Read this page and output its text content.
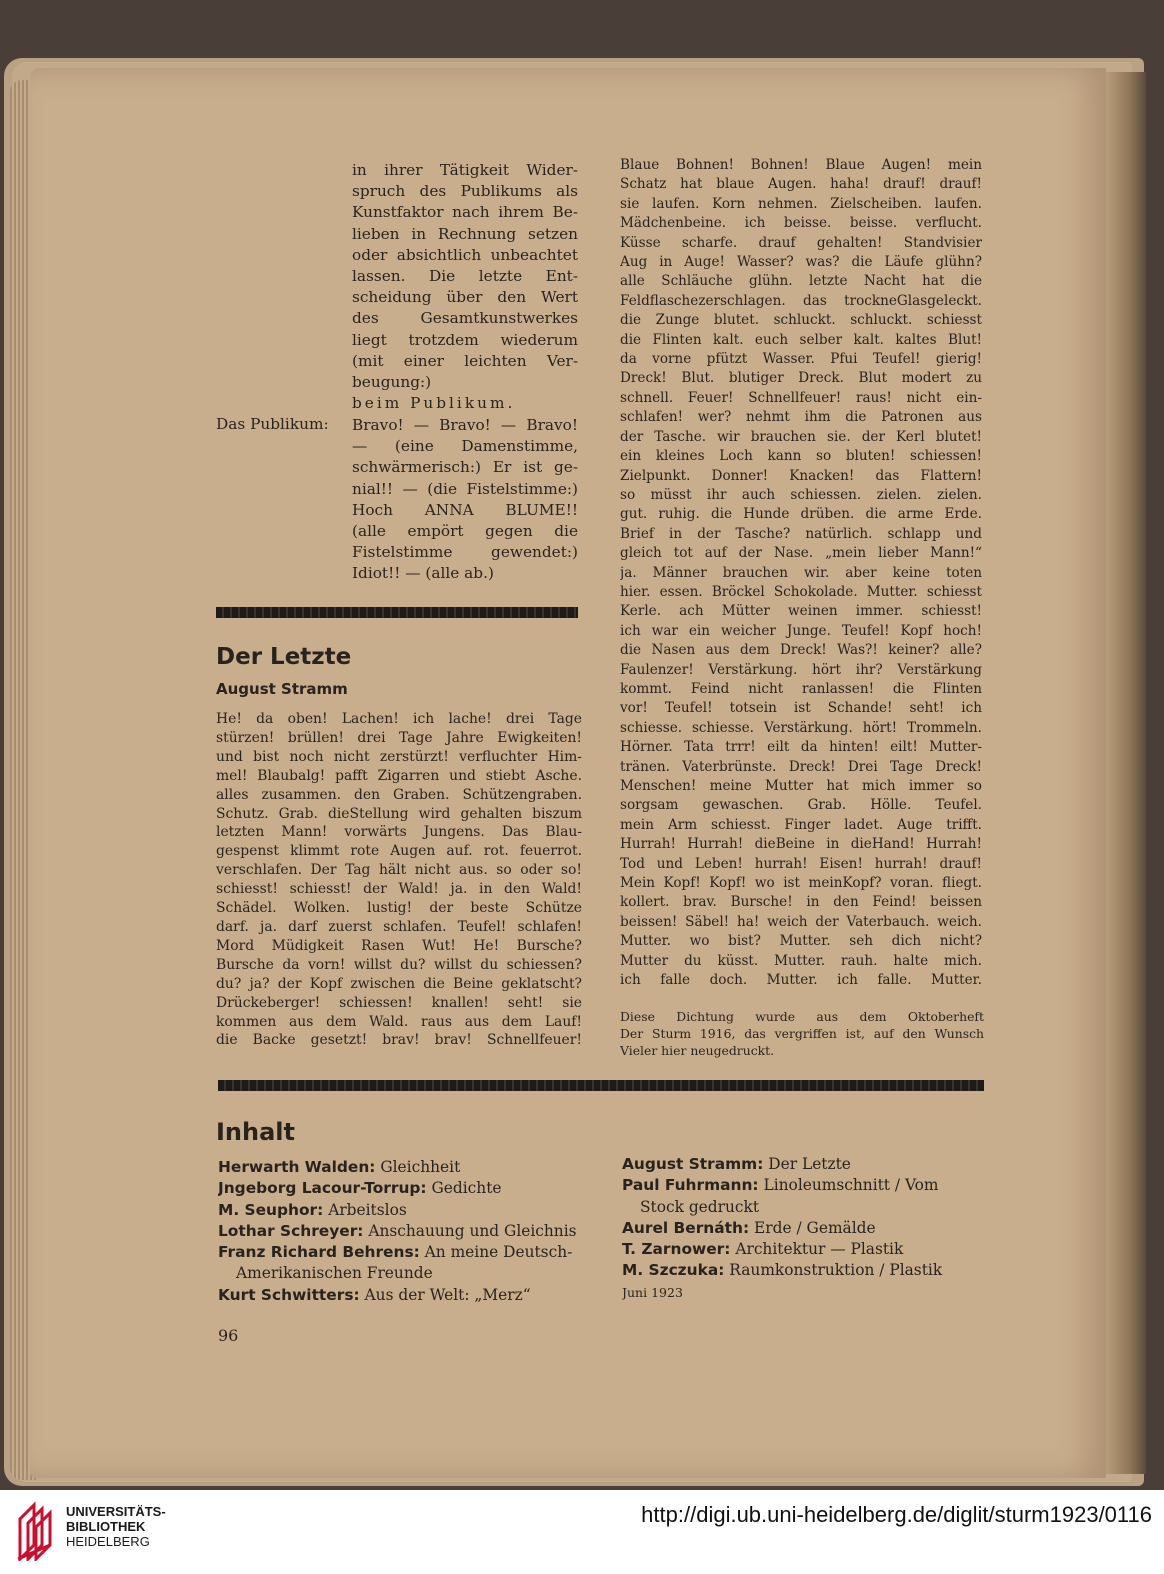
in ihrer Tätigkeit Wider-
spruch des Publikums als
Kunstfaktor nach ihrem Be-
lieben in Rechnung setzen
oder absichtlich unbeachtet
lassen. Die letzte Ent-
scheidung über den Wert
des Gesamtkunstwerkes
liegt trotzdem wiederum
(mit einer leichten Ver-
beugung:)
beim Publikum.
Das Publikum: Bravo! — Bravo! — Bravo!
— (eine Damenstimme,
schwärmerisch:) Er ist ge-
nial!! — (die Fistelstimme:)
Hoch ANNA BLUME!!
(alle empört gegen die
Fistelstimme gewendet:)
Idiot!! — (alle ab.)
Der Letzte
August Stramm
He! da oben! Lachen! ich lache! drei Tage
stürzen! brüllen! drei Tage Jahre Ewigkeiten!
und bist noch nicht zerstürzt! verfluchter Him-
mel! Blaubalg! pafft Zigarren und stiebt Asche.
alles zusammen. den Graben. Schützengraben.
Schutz. Grab. dieStellung wird gehalten biszum
letzten Mann! vorwärts Jungens. Das Blau-
gespenst klimmt rote Augen auf. rot. feuerrot.
verschlafen. Der Tag hält nicht aus. so oder so!
schiesst! schiesst! der Wald! ja. in den Wald!
Schädel. Wolken. lustig! der beste Schütze
darf. ja. darf zuerst schlafen. Teufel! schlafen!
Mord Müdigkeit Rasen Wut! He! Bursche?
Bursche da vorn! willst du? willst du schiessen?
du? ja? der Kopf zwischen die Beine geklatscht?
Drückeberger! schiessen! knallen! seht! sie
kommen aus dem Wald. raus aus dem Lauf!
die Backe gesetzt! brav! brav! Schnellfeuer!
Blaue Bohnen! Bohnen! Blaue Augen! mein
Schatz hat blaue Augen. haha! drauf! drauf!
sie laufen. Korn nehmen. Zielscheiben. laufen.
Mädchenbeine. ich beisse. beisse. verflucht.
Küsse scharfe. drauf gehalten! Standvisier
Aug in Auge! Wasser? was? die Läufe glühn?
alle Schläuche glühn. letzte Nacht hat die
Feldflaschezerschlagen. das trockneGlasgeleckt.
die Zunge blutet. schluckt. schluckt. schiesst
die Flinten kalt. euch selber kalt. kaltes Blut!
da vorne pfützt Wasser. Pfui Teufel! gierig!
Dreck! Blut. blutiger Dreck. Blut modert zu
schnell. Feuer! Schnellfeuer! raus! nicht ein-
schlafen! wer? nehmt ihm die Patronen aus
der Tasche. wir brauchen sie. der Kerl blutet!
ein kleines Loch kann so bluten! schiessen!
Zielpunkt. Donner! Knacken! das Flattern!
so müsst ihr auch schiessen. zielen. zielen.
gut. ruhig. die Hunde drüben. die arme Erde.
Brief in der Tasche? natürlich. schlapp und
gleich tot auf der Nase. „mein lieber Mann!“
ja. Männer brauchen wir. aber keine toten
hier. essen. Bröckel Schokolade. Mutter. schiesst
Kerle. ach Mütter weinen immer. schiesst!
ich war ein weicher Junge. Teufel! Kopf hoch!
die Nasen aus dem Dreck! Was?! keiner? alle?
Faulenzer! Verstärkung. hört ihr? Verstärkung
kommt. Feind nicht ranlassen! die Flinten
vor! Teufel! totsein ist Schande! seht! ich
schiesse. schiesse. Verstärkung. hört! Trommeln.
Hörner. Tata trrr! eilt da hinten! eilt! Mutter-
tränen. Vaterbrünste. Dreck! Drei Tage Dreck!
Menschen! meine Mutter hat mich immer so
sorgsam gewaschen. Grab. Hölle. Teufel.
mein Arm schiesst. Finger ladet. Auge trifft.
Hurrah! Hurrah! dieBeine in dieHand! Hurrah!
Tod und Leben! hurrah! Eisen! hurrah! drauf!
Mein Kopf! Kopf! wo ist meinKopf? voran. fliegt.
kollert. brav. Bursche! in den Feind! beissen
beissen! Säbel! ha! weich der Vaterbauch. weich.
Mutter. wo bist? Mutter. seh dich nicht?
Mutter du küsst. Mutter. rauh. halte mich.
ich falle doch. Mutter. ich falle. Mutter.
Diese Dichtung wurde aus dem Oktoberheft
Der Sturm 1916, das vergriffen ist, auf den Wunsch
Vieler hier neugedruckt.
Inhalt
Herwarth Walden: Gleichheit
Jngeborg Lacour-Torrup: Gedichte
M. Seuphor: Arbeitslos
Lothar Schreyer: Anschauung und Gleichnis
Franz Richard Behrens: An meine Deutsch-
Amerikanischen Freunde
Kurt Schwitters: Aus der Welt: „Merz“
August Stramm: Der Letzte
Paul Fuhrmann: Linoleumschnitt / Vom
Stock gedruckt
Aurel Bernáth: Erde / Gemälde
T. Zarnower: Architektur — Plastik
M. Szczuka: Raumkonstruktion / Plastik
Juni 1923
96
UNIVERSITÄTS-
BIBLIOTHEK
HEIDELBERG
http://digi.ub.uni-heidelberg.de/diglit/sturm1923/0116
